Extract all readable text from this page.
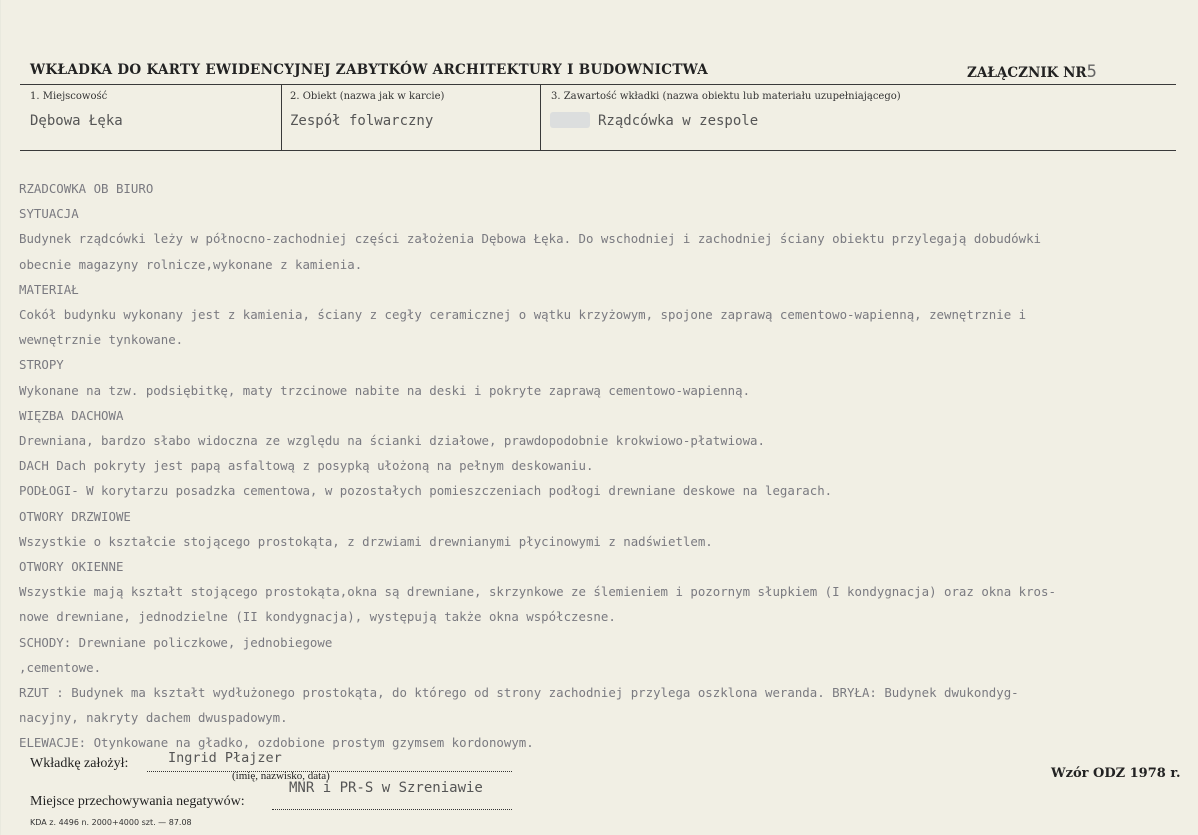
WKŁADKA DO KARTY EWIDENCYJNEJ ZABYTKÓW ARCHITEKTURY I BUDOWNICTWA	ZAŁĄCZNIK NR5
1. Miejscowość
Dębowa Łęka
2. Obiekt (nazwa jak w karcie)
Zespół folwarczny
3. Zawartość wkładki (nazwa obiektu lub materiału uzupełniającego)
Rządcówka w zespole

RZADCOWKA OB BIURO

SYTUACJA

Budynek rządcówki leży w północno-zachodniej części założenia Dębowa Łęka. Do wschodniej i zachodniej ściany obiektu przylegają dobudówki

obecnie magazyny rolnicze,wykonane z kamienia.

MATERIAŁ

Cokół budynku wykonany jest z kamienia, ściany z cegły ceramicznej o wątku krzyżowym, spojone zaprawą cementowo-wapienną, zewnętrznie i

wewnętrznie tynkowane.

STROPY

Wykonane na tzw. podsiębitkę, maty trzcinowe nabite na deski i pokryte zaprawą cementowo-wapienną.

WIĘZBA DACHOWA

Drewniana, bardzo słabo widoczna ze względu na ścianki działowe, prawdopodobnie krokwiowo-płatwiowa.

DACH Dach pokryty jest papą asfaltową z posypką ułożoną na pełnym deskowaniu.

PODŁOGI- W korytarzu posadzka cementowa, w pozostałych pomieszczeniach podłogi drewniane deskowe na legarach.

OTWORY DRZWIOWE

Wszystkie o kształcie stojącego prostokąta, z drzwiami drewnianymi płycinowymi z nadświetlem.

OTWORY OKIENNE

Wszystkie mają kształt stojącego prostokąta,okna są drewniane, skrzynkowe ze ślemieniem i pozornym słupkiem (I kondygnacja) oraz okna kros-

nowe drewniane, jednodzielne (II kondygnacja), występują także okna współczesne.

SCHODY: Drewniane policzkowe, jednobiegowe

,cementowe.

RZUT : Budynek ma kształt wydłużonego prostokąta, do którego od strony zachodniej przylega oszklona weranda. BRYŁA: Budynek dwukondyg-

nacyjny, nakryty dachem dwuspadowym.

ELEWACJE: Otynkowane na gładko, ozdobione prostym gzymsem kordonowym.

Wkładkę założył:	Ingrid Płajzer
(imię, nazwisko, data)
Miejsce przechowywania negatywów:
MNR i PR-S w Szreniawie
Wzór ODZ 1978 r.
KDA z. 4496 n. 2000+4000 szt. — 87.08
